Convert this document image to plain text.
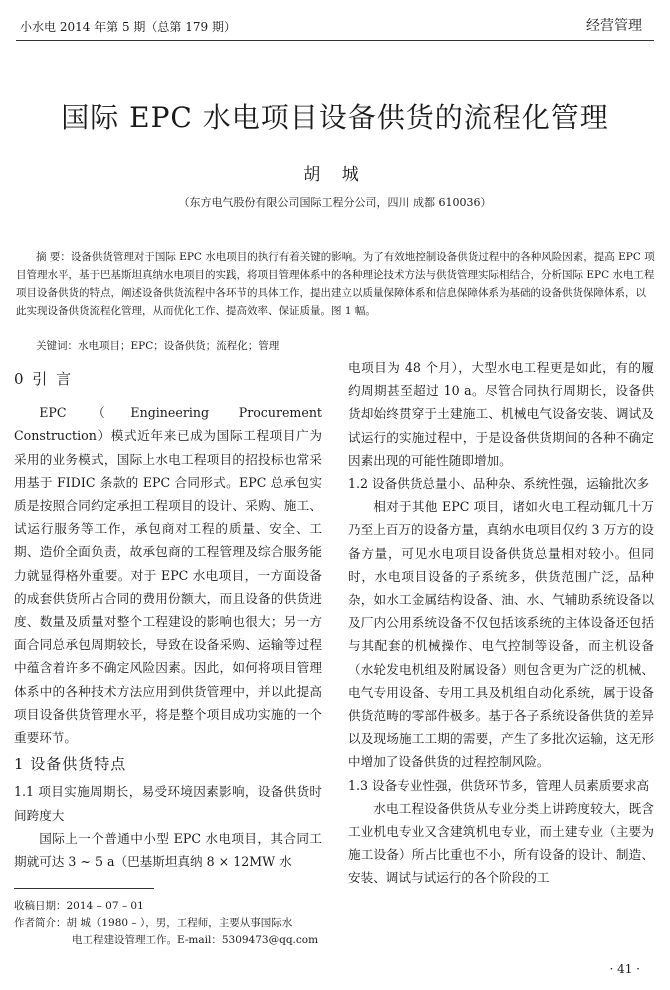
小水电 2014 年第 5 期（总第 179 期）	经营管理
国际 EPC 水电项目设备供货的流程化管理
胡 城
（东方电气股份有限公司国际工程分公司，四川 成都 610036）
摘 要：设备供货管理对于国际 EPC 水电项目的执行有着关键的影响。为了有效地控制设备供货过程中的各种风险因素，提高 EPC 项目管理水平，基于巴基斯坦真纳水电项目的实践，将项目管理体系中的各种理论技术方法与供货管理实际相结合，分析国际 EPC 水电工程项目设备供货的特点，阐述设备供货流程中各环节的具体工作，提出建立以质量保障体系和信息保障体系为基础的设备供货保障体系，以此实现设备供货流程化管理，从而优化工作、提高效率、保证质量。图 1 幅。
关键词：水电项目；EPC；设备供货；流程化；管理
0 引 言

EPC（Engineering Procurement Construction）模式近年来已成为国际工程项目广为采用的业务模式，国际上水电工程项目的招投标也常采用基于 FIDIC 条款的 EPC 合同形式。EPC 总承包实质是按照合同约定承担工程项目的设计、采购、施工、试运行服务等工作，承包商对工程的质量、安全、工期、造价全面负责，故承包商的工程管理及综合服务能力就显得格外重要。对于 EPC 水电项目，一方面设备的成套供货所占合同的费用份额大，而且设备的供货进度、数量及质量对整个工程建设的影响也很大；另一方面合同总承包周期较长，导致在设备采购、运输等过程中蕴含着许多不确定风险因素。因此，如何将项目管理体系中的各种技术方法应用到供货管理中，并以此提高项目设备供货管理水平，将是整个项目成功实施的一个重要环节。

1 设备供货特点

1.1 项目实施周期长，易受环境因素影响，设备供货时间跨度大

国际上一个普通中小型 EPC 水电项目，其合同工期就可达 3 ~ 5 a（巴基斯坦真纳 8 × 12MW 水

电项目为 48 个月），大型水电工程更是如此，有的履约周期甚至超过 10 a。尽管合同执行周期长，设备供货却始终贯穿于土建施工、机械电气设备安装、调试及试运行的实施过程中，于是设备供货期间的各种不确定因素出现的可能性随即增加。

1.2 设备供货总量小、品种杂、系统性强，运输批次多

相对于其他 EPC 项目，诸如火电工程动辄几十万乃至上百万的设备方量，真纳水电项目仅约 3 万方的设备方量，可见水电项目设备供货总量相对较小。但同时，水电项目设备的子系统多，供货范围广泛，品种杂，如水工金属结构设备、油、水、气辅助系统设备以及厂内公用系统设备不仅包括该系统的主体设备还包括与其配套的机械操作、电气控制等设备，而主机设备（水轮发电机组及附属设备）则包含更为广泛的机械、电气专用设备、专用工具及机组自动化系统，属于设备供货范畴的零部件极多。基于各子系统设备供货的差异以及现场施工工期的需要，产生了多批次运输，这无形中增加了设备供货的过程控制风险。

1.3 设备专业性强，供货环节多，管理人员素质要求高

水电工程设备供货从专业分类上讲跨度较大，既含工业机电专业又含建筑机电专业，而土建专业（主要为施工设备）所占比重也不小，所有设备的设计、制造、安装、调试与试运行的各个阶段的工

收稿日期：2014 – 07 – 01
作者简介：胡 城（1980 – ），男，工程师，主要从事国际水
电工程建设管理工作。E-mail：5309473@qq.com
· 41 ·
